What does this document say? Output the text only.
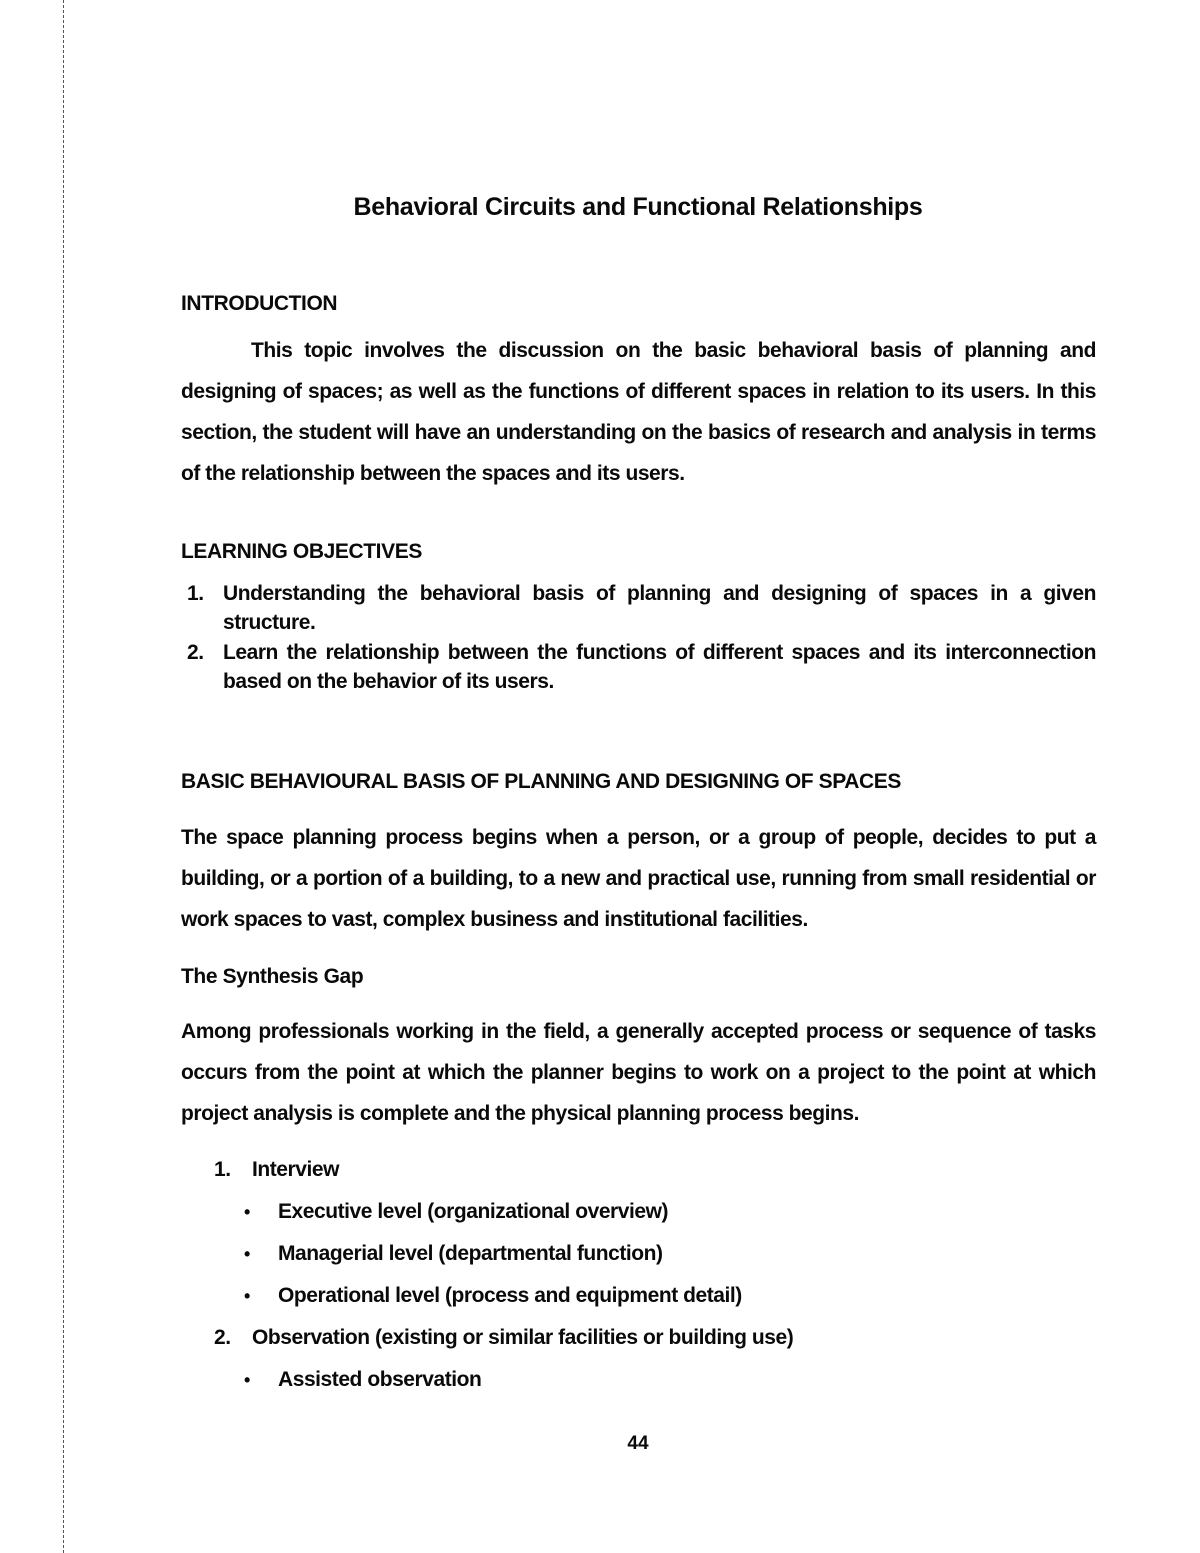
Behavioral Circuits and Functional Relationships
INTRODUCTION

This topic involves the discussion on the basic behavioral basis of planning and designing of spaces; as well as the functions of different spaces in relation to its users. In this section, the student will have an understanding on the basics of research and analysis in terms of the relationship between the spaces and its users.

LEARNING OBJECTIVES
1. Understanding the behavioral basis of planning and designing of spaces in a given structure.
2. Learn the relationship between the functions of different spaces and its interconnection based on the behavior of its users.
BASIC BEHAVIOURAL BASIS OF PLANNING AND DESIGNING OF SPACES

The space planning process begins when a person, or a group of people, decides to put a building, or a portion of a building, to a new and practical use, running from small residential or work spaces to vast, complex business and institutional facilities.

The Synthesis Gap

Among professionals working in the field, a generally accepted process or sequence of tasks occurs from the point at which the planner begins to work on a project to the point at which project analysis is complete and the physical planning process begins.

1. Interview
• Executive level (organizational overview)
• Managerial level (departmental function)
• Operational level (process and equipment detail)
2. Observation (existing or similar facilities or building use)
• Assisted observation
44
